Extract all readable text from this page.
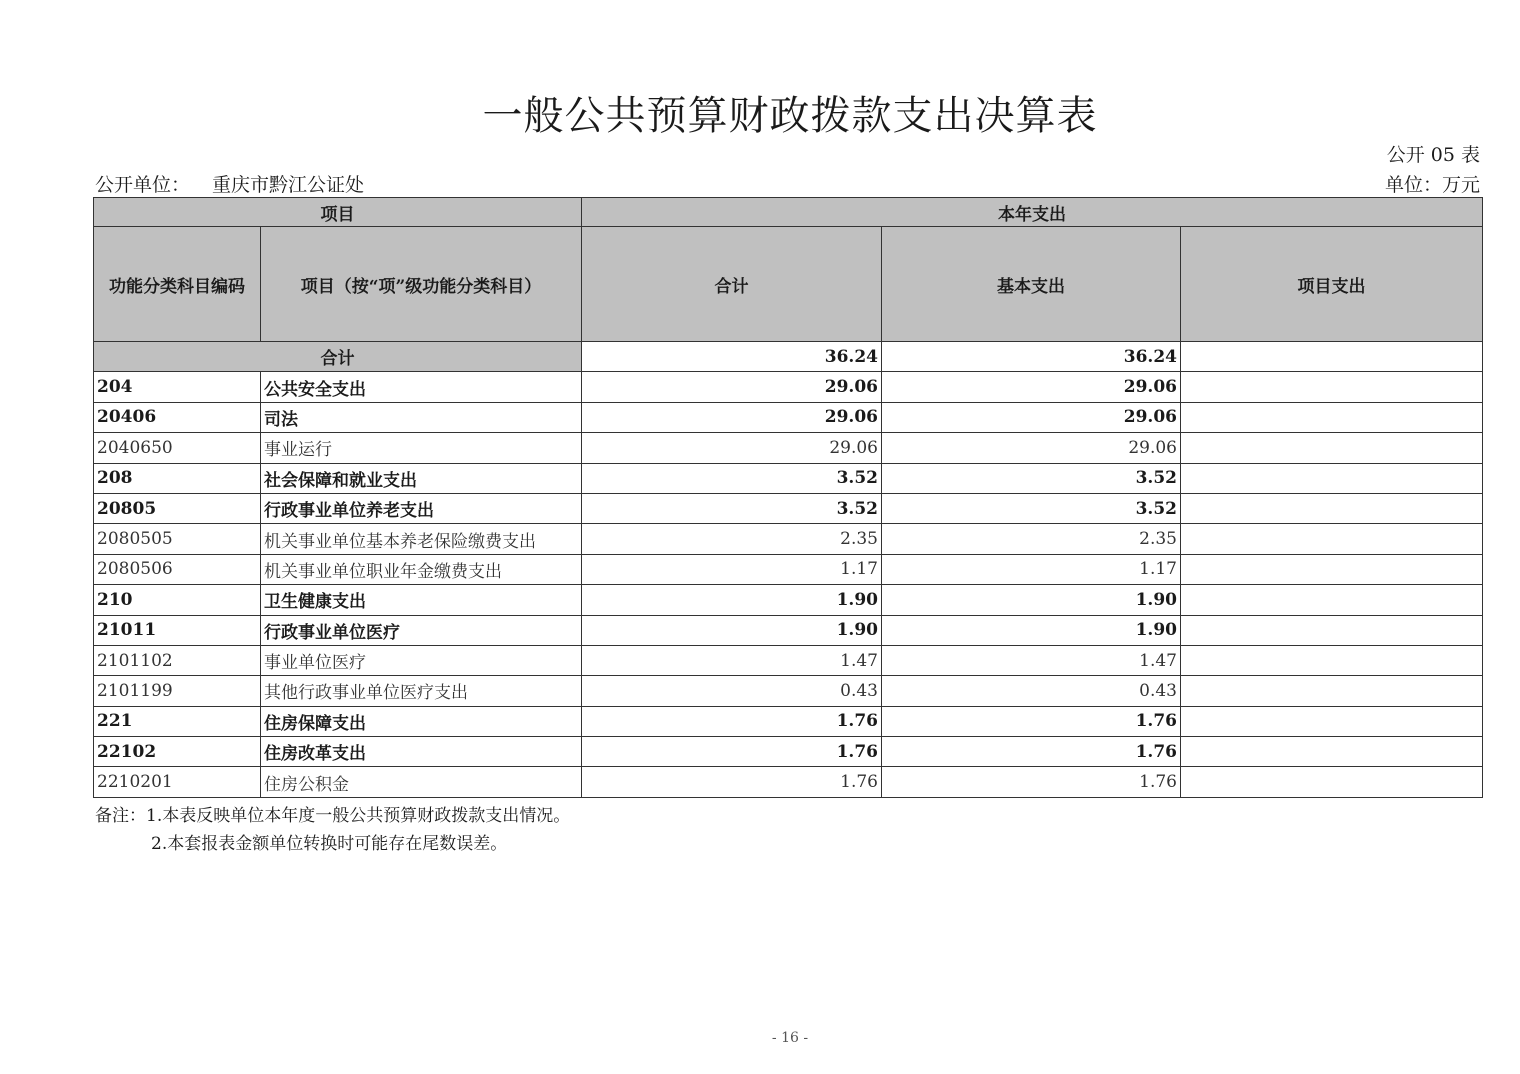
一般公共预算财政拨款支出决算表
公开 05 表
公开单位： 重庆市黔江公证处	单位：万元
项目		本年支出		
功能分类科目编码	项目（按“项”级功能分类科目）	合计	基本支出	项目支出
合计		36.24	36.24	
204	公共安全支出	29.06	29.06	
20406	司法	29.06	29.06	
2040650	事业运行	29.06	29.06	
208	社会保障和就业支出	3.52	3.52	
20805	行政事业单位养老支出	3.52	3.52	
2080505	机关事业单位基本养老保险缴费支出	2.35	2.35	
2080506	机关事业单位职业年金缴费支出	1.17	1.17	
210	卫生健康支出	1.90	1.90	
21011	行政事业单位医疗	1.90	1.90	
2101102	事业单位医疗	1.47	1.47	
2101199	其他行政事业单位医疗支出	0.43	0.43	
221	住房保障支出	1.76	1.76	
22102	住房改革支出	1.76	1.76	
2210201	住房公积金	1.76	1.76	
备注：1.本表反映单位本年度一般公共预算财政拨款支出情况。
2.本套报表金额单位转换时可能存在尾数误差。
- 16 -
